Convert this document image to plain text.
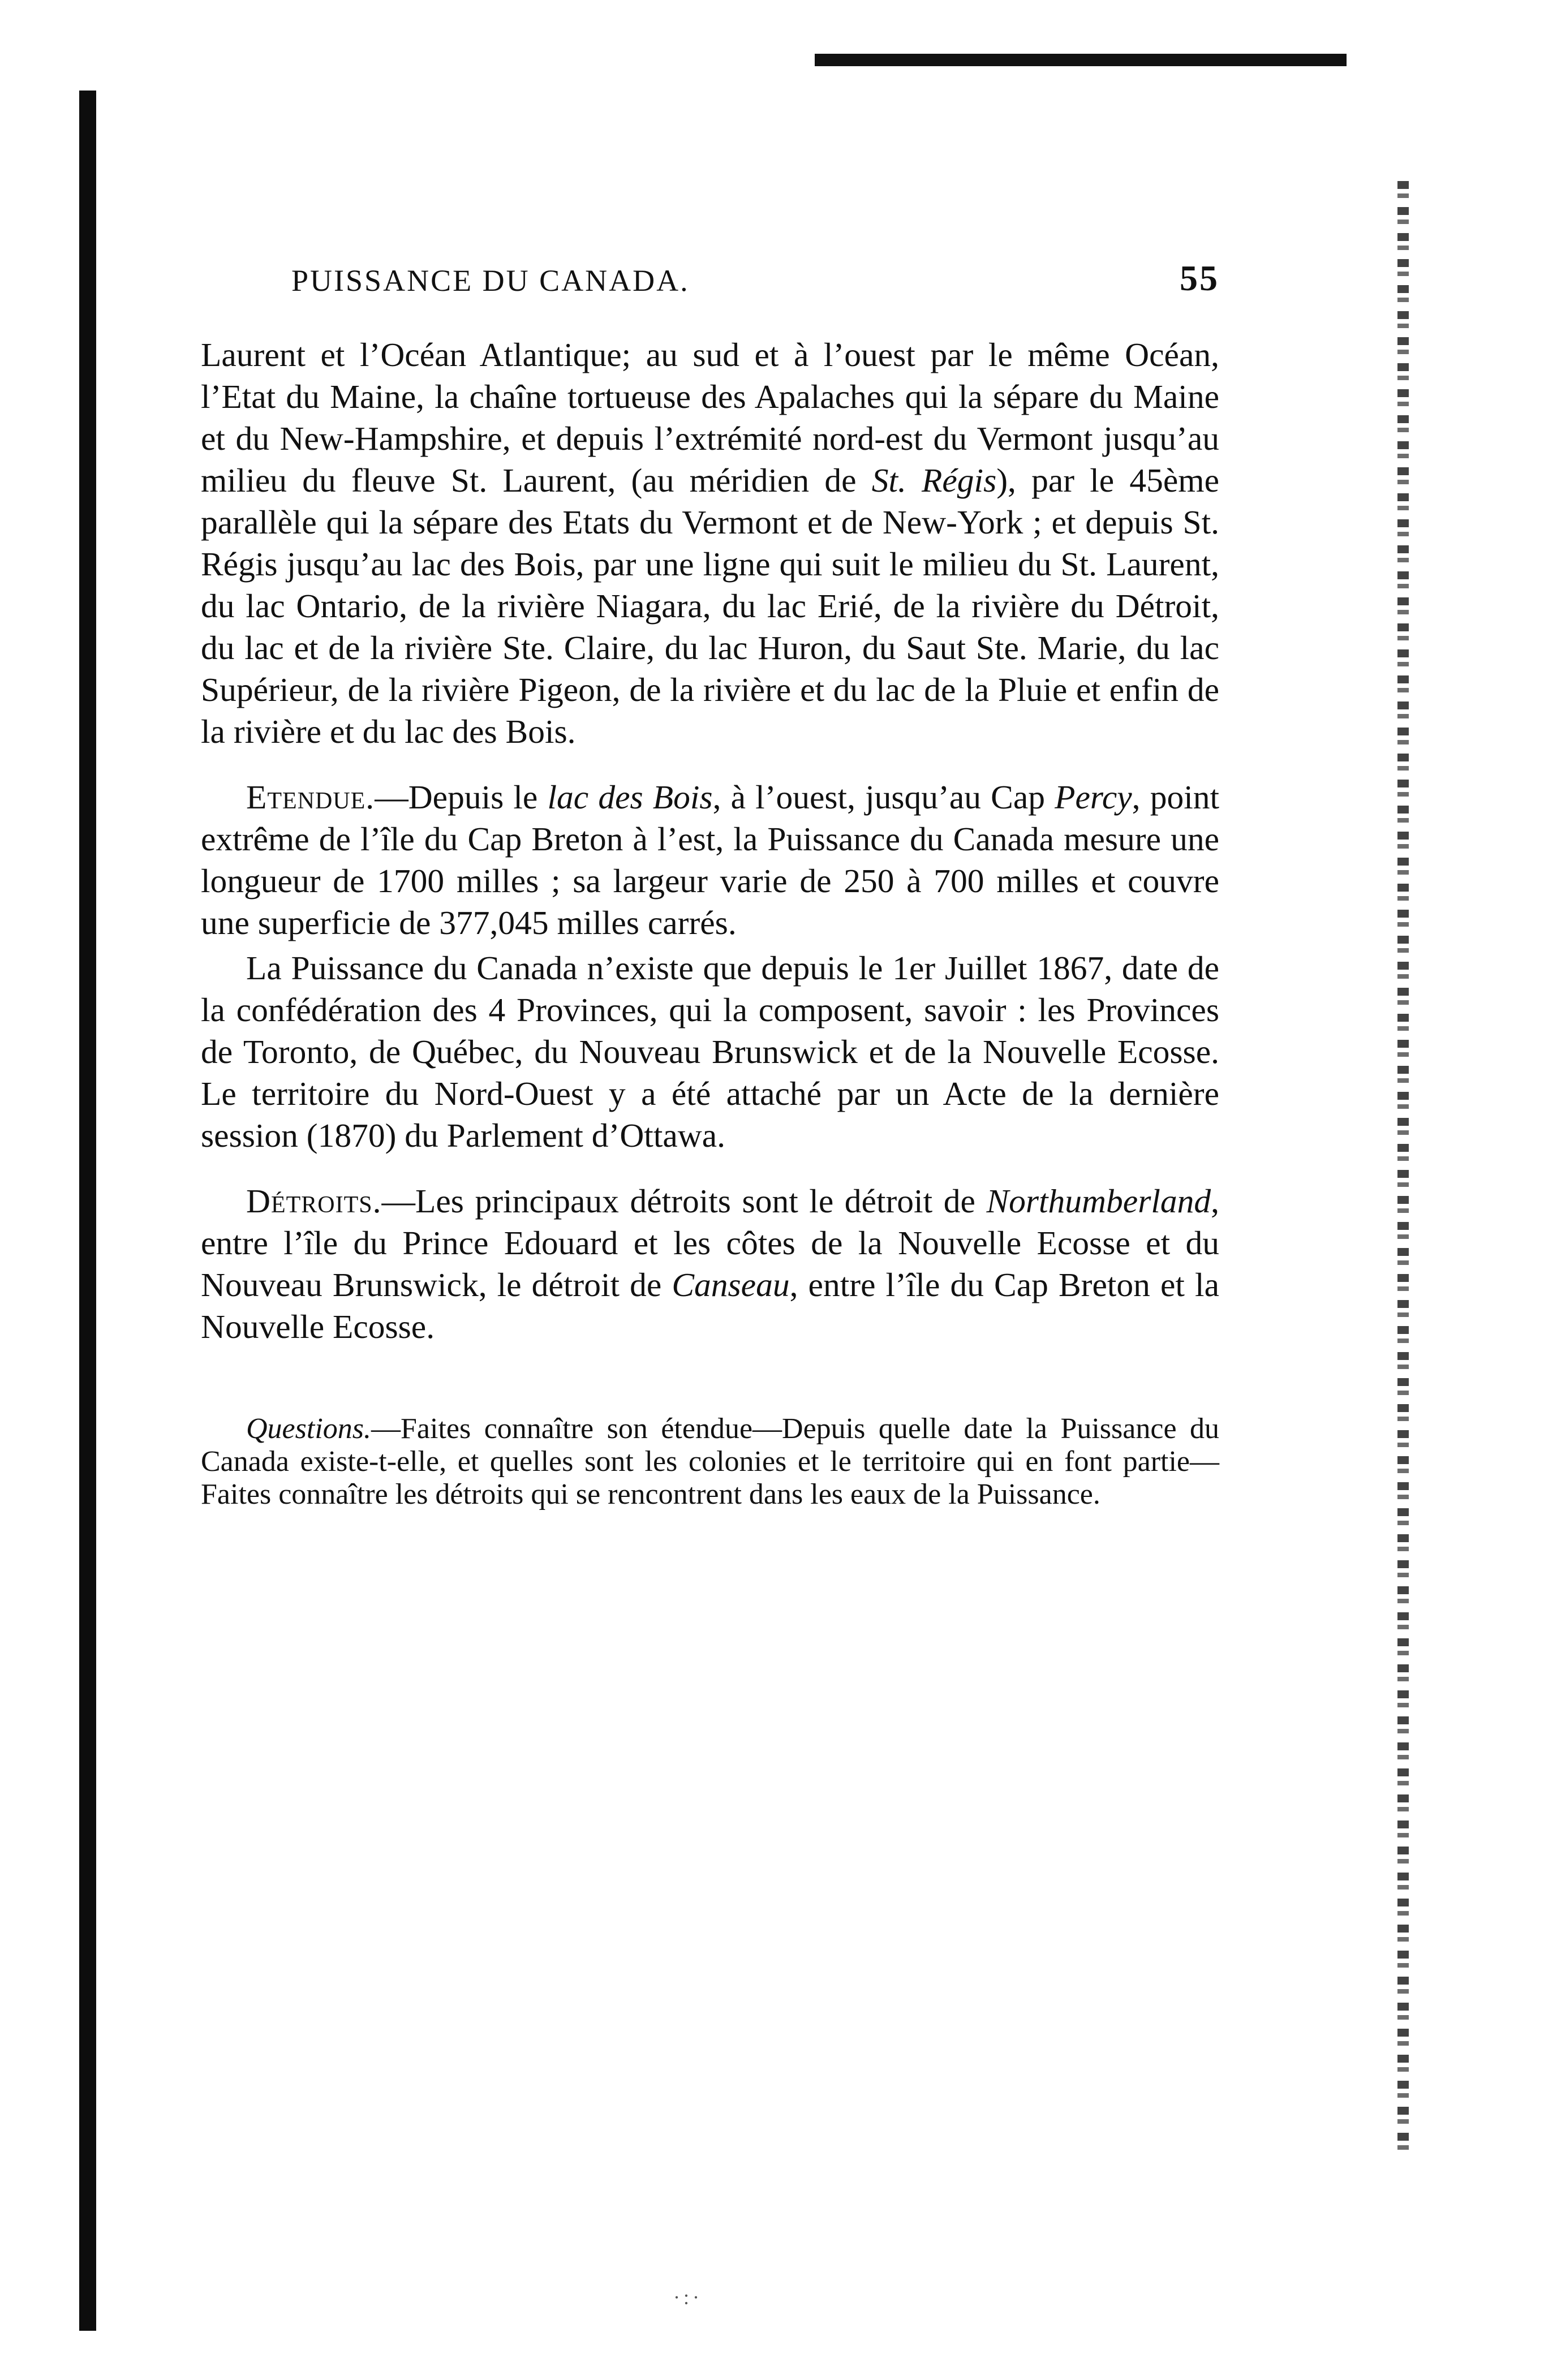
PUISSANCE DU CANADA.	55

Laurent et l’Océan Atlantique; au sud et à l’ouest par le même Océan, l’Etat du Maine, la chaîne tortueuse des Apalaches qui la sépare du Maine et du New-Hampshire, et depuis l’extrémité nord-est du Vermont jusqu’au milieu du fleuve St. Laurent, (au méridien de St. Régis), par le 45ème parallèle qui la sépare des Etats du Vermont et de New-York ; et depuis St. Régis jusqu’au lac des Bois, par une ligne qui suit le milieu du St. Laurent, du lac Ontario, de la rivière Niagara, du lac Erié, de la rivière du Détroit, du lac et de la rivière Ste. Claire, du lac Huron, du Saut Ste. Marie, du lac Supérieur, de la rivière Pigeon, de la rivière et du lac de la Pluie et enfin de la rivière et du lac des Bois.

Etendue.—Depuis le lac des Bois, à l’ouest, jusqu’au Cap Percy, point extrême de l’île du Cap Breton à l’est, la Puissance du Canada mesure une longueur de 1700 milles ; sa largeur varie de 250 à 700 milles et couvre une superficie de 377,045 milles carrés.

La Puissance du Canada n’existe que depuis le 1er Juillet 1867, date de la confédération des 4 Provinces, qui la composent, savoir : les Provinces de Toronto, de Québec, du Nouveau Brunswick et de la Nouvelle Ecosse. Le territoire du Nord-Ouest y a été attaché par un Acte de la dernière session (1870) du Parlement d’Ottawa.

Détroits.—Les principaux détroits sont le détroit de Northumberland, entre l’île du Prince Edouard et les côtes de la Nouvelle Ecosse et du Nouveau Brunswick, le détroit de Canseau, entre l’île du Cap Breton et la Nouvelle Ecosse.

Questions.—Faites connaître son étendue—Depuis quelle date la Puissance du Canada existe-t-elle, et quelles sont les colonies et le territoire qui en font partie—Faites connaître les détroits qui se rencontrent dans les eaux de la Puissance.

·:·
